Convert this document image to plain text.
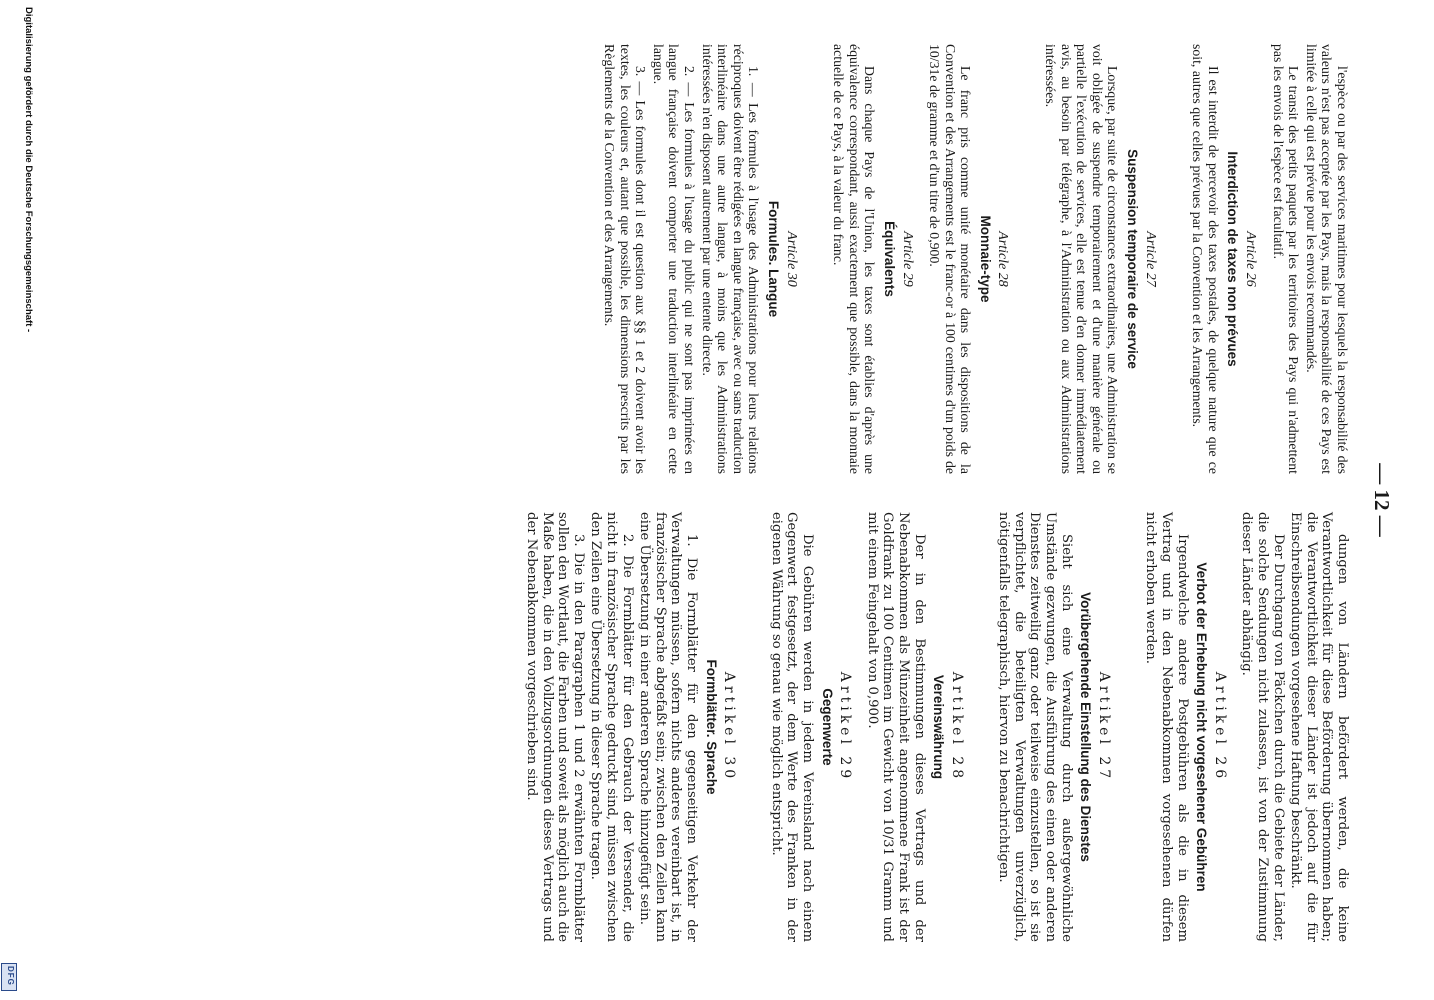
Digitalisierung gefördert durch die Deutsche Forschungsgemeinschaft -
DFG
— 12 —

l'espèce ou par des services maritimes pour lesquels la responsabilité des valeurs n'est pas acceptée par les Pays, mais la responsabilité de ces Pays est limitée à celle qui est prévue pour les envois recommandés.

Le transit des petits paquets par les territoires des Pays qui n'admettent pas les envois de l'espèce est facultatif.

Article 26
Interdiction de taxes non prévues

Il est interdit de percevoir des taxes postales, de quelque nature que ce soit, autres que celles prévues par la Convention et les Arrangements.

Article 27
Suspension temporaire de service

Lorsque, par suite de circonstances extraordinaires, une Administration se voit obligée de suspendre temporairement et d'une manière générale ou partielle l'exécution de services, elle est tenue d'en donner immédiatement avis, au besoin par télégraphe, à l'Administration ou aux Administrations intéressées.

Article 28
Monnaie-type

Le franc pris comme unité monétaire dans les dispositions de la Convention et des Arrangements est le franc-or à 100 centimes d'un poids de 10/31e de gramme et d'un titre de 0,900.

Article 29
Équivalents

Dans chaque Pays de l'Union, les taxes sont établies d'après une équivalence correspondant, aussi exactement que possible, dans la monnaie actuelle de ce Pays, à la valeur du franc.

Article 30
Formules. Langue

1. — Les formules à l'usage des Administrations pour leurs relations réciproques doivent être rédigées en langue française, avec ou sans traduction interlinéaire dans une autre langue, à moins que les Administrations intéressées n'en disposent autrement par une entente directe.

2. — Les formules à l'usage du public qui ne sont pas imprimées en langue française doivent comporter une traduction interlinéaire en cette langue.

3. — Les formules dont il est question aux §§ 1 et 2 doivent avoir les textes, les couleurs et, autant que possible, les dimensions prescrits par les Règlements de la Convention et des Arrangements.

dungen von Ländern befördert werden, die keine Verantwortlichkeit für diese Beförderung übernommen haben; die Verantwortlichkeit dieser Länder ist jedoch auf die für Einschreibsendungen vorgesehene Haftung beschränkt.

Der Durchgang von Päckchen durch die Gebiete der Länder, die solche Sendungen nicht zulassen, ist von der Zustimmung dieser Länder abhängig.

Artikel 26
Verbot der Erhebung nicht vorgesehener Gebühren

Irgendwelche andere Postgebühren als die in diesem Vertrag und in den Nebenabkommen vorgesehenen dürfen nicht erhoben werden.

Artikel 27
Vorübergehende Einstellung des Dienstes

Sieht sich eine Verwaltung durch außergewöhnliche Umstände gezwungen, die Ausführung des einen oder anderen Dienstes zeitweilig ganz oder teilweise einzustellen, so ist sie verpflichtet, die beteiligten Verwaltungen unverzüglich, nötigenfalls telegraphisch, hiervon zu benachrichtigen.

Artikel 28
Vereinswährung

Der in den Bestimmungen dieses Vertrags und der Nebenabkommen als Münzeinheit angenommene Frank ist der Goldfrank zu 100 Centimen im Gewicht von 10/31 Gramm und mit einem Feingehalt von 0,900.

Artikel 29
Gegenwerte

Die Gebühren werden in jedem Vereinsland nach einem Gegenwert festgesetzt, der dem Werte des Franken in der eigenen Währung so genau wie möglich entspricht.

Artikel 30
Formblätter. Sprache

1. Die Formblätter für den gegenseitigen Verkehr der Verwaltungen müssen, sofern nichts anderes vereinbart ist, in französischer Sprache abgefaßt sein; zwischen den Zeilen kann eine Übersetzung in einer anderen Sprache hinzugefügt sein.

2. Die Formblätter für den Gebrauch der Versender, die nicht in französischer Sprache gedruckt sind, müssen zwischen den Zeilen eine Übersetzung in dieser Sprache tragen.

3. Die in den Paragraphen 1 und 2 erwähnten Formblätter sollen den Wortlaut, die Farben und soweit als möglich auch die Maße haben, die in den Vollzugsordnungen dieses Vertrags und der Nebenabkommen vorgeschrieben sind.
